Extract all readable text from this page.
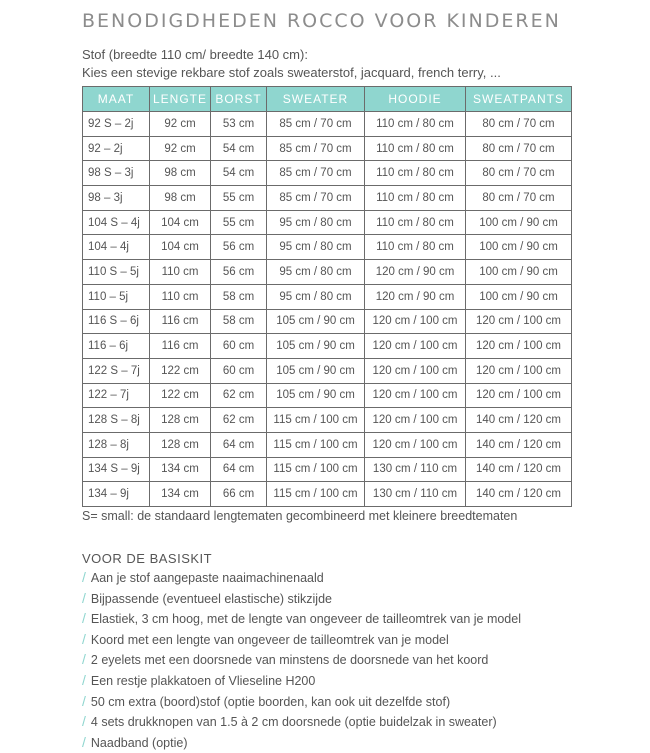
BENODIGDHEDEN ROCCO VOOR KINDEREN
Stof (breedte 110 cm/ breedte 140 cm):
Kies een stevige rekbare stof zoals sweaterstof, jacquard, french terry, ...
MAAT	LENGTE	BORST	SWEATER	HOODIE	SWEATPANTS
92 S – 2j	92 cm	53 cm	85 cm / 70 cm	110 cm / 80 cm	80 cm / 70 cm
92 – 2j	92 cm	54 cm	85 cm / 70 cm	110 cm / 80 cm	80 cm / 70 cm
98 S – 3j	98 cm	54 cm	85 cm / 70 cm	110 cm / 80 cm	80 cm / 70 cm
98 – 3j	98 cm	55 cm	85 cm / 70 cm	110 cm / 80 cm	80 cm / 70 cm
104 S – 4j	104 cm	55 cm	95 cm / 80 cm	110 cm / 80 cm	100 cm / 90 cm
104 – 4j	104 cm	56 cm	95 cm / 80 cm	110 cm / 80 cm	100 cm / 90 cm
110 S – 5j	110 cm	56 cm	95 cm / 80 cm	120 cm / 90 cm	100 cm / 90 cm
110 – 5j	110 cm	58 cm	95 cm / 80 cm	120 cm / 90 cm	100 cm / 90 cm
116 S – 6j	116 cm	58 cm	105 cm / 90 cm	120 cm / 100 cm	120 cm / 100 cm
116 – 6j	116 cm	60 cm	105 cm / 90 cm	120 cm / 100 cm	120 cm / 100 cm
122 S – 7j	122 cm	60 cm	105 cm / 90 cm	120 cm / 100 cm	120 cm / 100 cm
122 – 7j	122 cm	62 cm	105 cm / 90 cm	120 cm / 100 cm	120 cm / 100 cm
128 S – 8j	128 cm	62 cm	115 cm / 100 cm	120 cm / 100 cm	140 cm / 120 cm
128 – 8j	128 cm	64 cm	115 cm / 100 cm	120 cm / 100 cm	140 cm / 120 cm
134 S – 9j	134 cm	64 cm	115 cm / 100 cm	130 cm / 110 cm	140 cm / 120 cm
134 – 9j	134 cm	66 cm	115 cm / 100 cm	130 cm / 110 cm	140 cm / 120 cm
S= small: de standaard lengtematen gecombineerd met kleinere breedtematen
VOOR DE BASISKIT
/ Aan je stof aangepaste naaimachinenaald
/ Bijpassende (eventueel elastische) stikzijde
/ Elastiek, 3 cm hoog, met de lengte van ongeveer de tailleomtrek van je model
/ Koord met een lengte van ongeveer de tailleomtrek van je model
/ 2 eyelets met een doorsnede van minstens de doorsnede van het koord
/ Een restje plakkatoen of Vlieseline H200
/ 50 cm extra (boord)stof (optie boorden, kan ook uit dezelfde stof)
/ 4 sets drukknopen van 1.5 à 2 cm doorsnede (optie buidelzak in sweater)
/ Naadband (optie)
